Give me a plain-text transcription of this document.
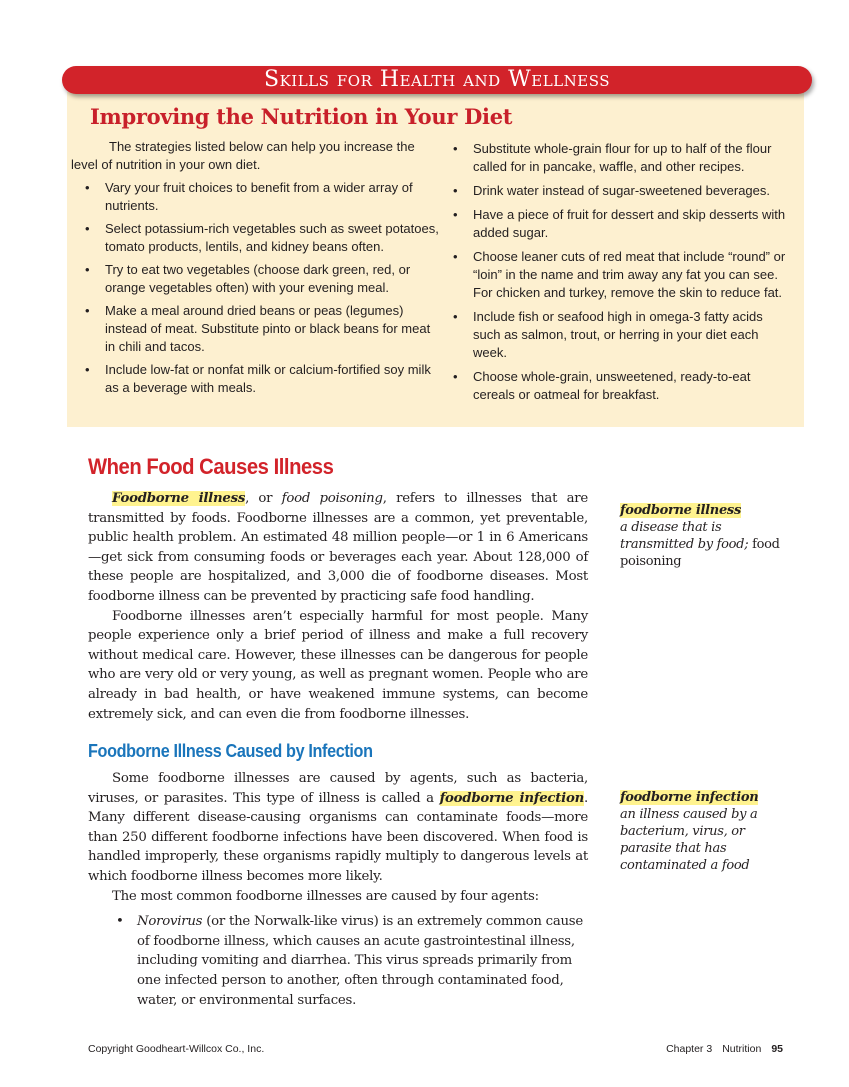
Skills for Health and Wellness
Improving the Nutrition in Your Diet

The strategies listed below can help you increase the level of nutrition in your own diet.

• Vary your fruit choices to benefit from a wider array of nutrients.
• Select potassium-rich vegetables such as sweet potatoes, tomato products, lentils, and kidney beans often.
• Try to eat two vegetables (choose dark green, red, or orange vegetables often) with your evening meal.
• Make a meal around dried beans or peas (legumes) instead of meat. Substitute pinto or black beans for meat in chili and tacos.
• Include low-fat or nonfat milk or calcium-fortified soy milk as a beverage with meals.
• Substitute whole-grain flour for up to half of the flour called for in pancake, waffle, and other recipes.
• Drink water instead of sugar-sweetened beverages.
• Have a piece of fruit for dessert and skip desserts with added sugar.
• Choose leaner cuts of red meat that include “round” or “loin” in the name and trim away any fat you can see. For chicken and turkey, remove the skin to reduce fat.
• Include fish or seafood high in omega-3 fatty acids such as salmon, trout, or herring in your diet each week.
• Choose whole-grain, unsweetened, ready-to-eat cereals or oatmeal for breakfast.
When Food Causes Illness

Foodborne illness, or food poisoning, refers to illnesses that are transmitted by foods. Foodborne illnesses are a common, yet preventable, public health problem. An estimated 48 million people—or 1 in 6 Americans—get sick from consuming foods or beverages each year. About 128,000 of these people are hospitalized, and 3,000 die of foodborne diseases. Most foodborne illness can be prevented by practicing safe food handling.

Foodborne illnesses aren’t especially harmful for most people. Many people experience only a brief period of illness and make a full recovery without medical care. However, these illnesses can be dangerous for people who are very old or very young, as well as pregnant women. People who are already in bad health, or have weakened immune systems, can become extremely sick, and can even die from foodborne illnesses.

Foodborne Illness Caused by Infection

Some foodborne illnesses are caused by agents, such as bacteria, viruses, or parasites. This type of illness is called a foodborne infection. Many different disease-causing organisms can contaminate foods—more than 250 different foodborne infections have been discovered. When food is handled improperly, these organisms rapidly multiply to dangerous levels at which foodborne illness becomes more likely.

The most common foodborne illnesses are caused by four agents:

• Norovirus (or the Norwalk-like virus) is an extremely common cause of foodborne illness, which causes an acute gastrointestinal illness, including vomiting and diarrhea. This virus spreads primarily from one infected person to another, often through contaminated food, water, or environmental surfaces.
foodborne illness
a disease that is transmitted by food; food poisoning
foodborne infection
an illness caused by a bacterium, virus, or parasite that has contaminated a food
Copyright Goodheart-Willcox Co., Inc.	Chapter 3 Nutrition 95
